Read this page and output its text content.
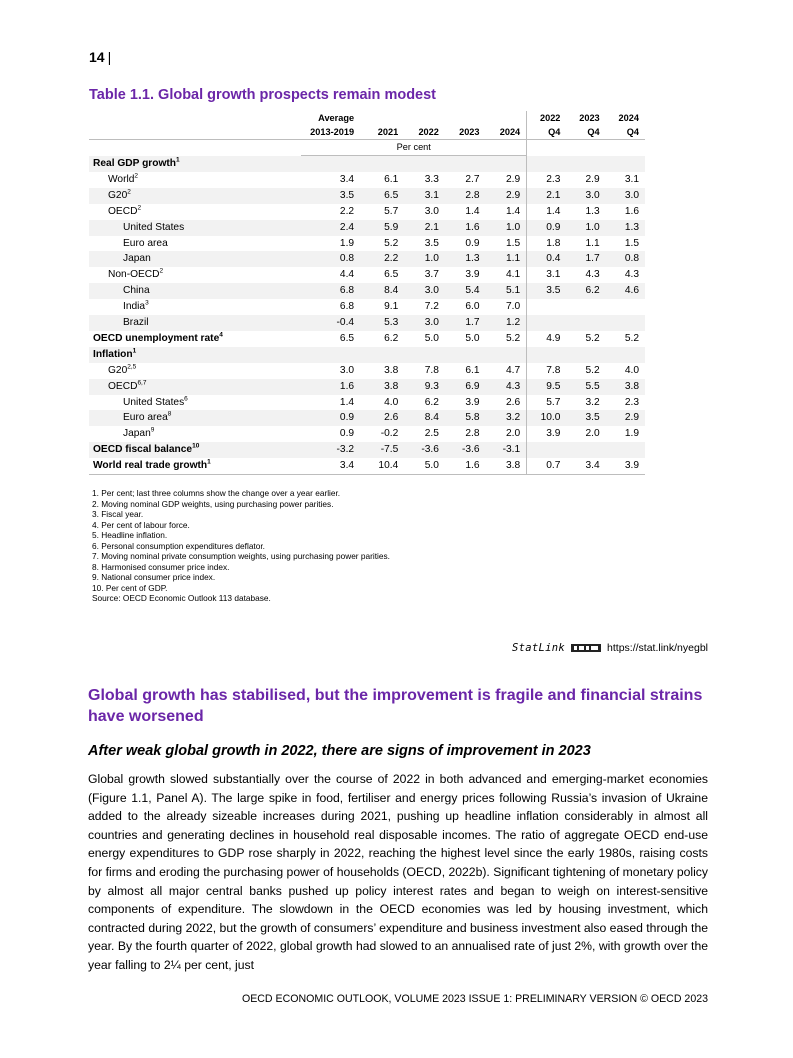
14 |
Table 1.1. Global growth prospects remain modest
	Average					2022	2023	2024
	2013-2019	2021	2022	2023	2024	Q4	Q4	Q4
	Per cent							
Real GDP growth$^1$								
World$^2$	3.4	6.1	3.3	2.7	2.9	2.3	2.9	3.1
$G20^2$	3.5	6.5	3.1	2.8	2.9	2.1	3.0	3.0
OECD$^2$	2.2	5.7	3.0	1.4	1.4	1.4	1.3	1.6
United States	2.4	5.9	2.1	1.6	1.0	0.9	1.0	1.3
Euro area	1.9	5.2	3.5	0.9	1.5	1.8	1.1	1.5
Japan	0.8	2.2	1.0	1.3	1.1	0.4	1.7	0.8
Non-OECD$^2$	4.4	6.5	3.7	3.9	4.1	3.1	4.3	4.3
China	6.8	8.4	3.0	5.4	5.1	3.5	6.2	4.6
India$^3$	6.8	9.1	7.2	6.0	7.0			
Brazil	-0.4	5.3	3.0	1.7	1.2			
OECD unemployment rate$^4$	6.5	6.2	5.0	5.0	5.2	4.9	5.2	5.2
Inflation$^1$								
G20$^{2,5}$	3.0	3.8	7.8	6.1	4.7	7.8	5.2	4.0
OECD$^{6,7}$	1.6	3.8	9.3	6.9	4.3	9.5	5.5	3.8
United States$^6$	1.4	4.0	6.2	3.9	2.6	5.7	3.2	2.3
Euro area$^8$	0.9	2.6	8.4	5.8	3.2	10.0	3.5	2.9
Japan$^9$	0.9	-0.2	2.5	2.8	2.0	3.9	2.0	1.9
OECD fiscal balance$^{10}$	-3.2	-7.5	-3.6	-3.6	-3.1			
World real trade growth$^1$	3.4	10.4	5.0	1.6	3.8	0.7	3.4	3.9
1. Per cent; last three columns show the change over a year earlier.
2. Moving nominal GDP weights, using purchasing power parities.
3. Fiscal year.
4. Per cent of labour force.
5. Headline inflation.
6. Personal consumption expenditures deflator.
7. Moving nominal private consumption weights, using purchasing power parities.
8. Harmonised consumer price index.
9. National consumer price index.
10. Per cent of GDP.
Source: OECD Economic Outlook 113 database.
StatLink	https://stat.link/nyegbl
Global growth has stabilised, but the improvement is fragile and financial strains have worsened
After weak global growth in 2022, there are signs of improvement in 2023
Global growth slowed substantially over the course of 2022 in both advanced and emerging-market economies (Figure 1.1, Panel A). The large spike in food, fertiliser and energy prices following Russia’s invasion of Ukraine added to the already sizeable increases during 2021, pushing up headline inflation considerably in almost all countries and generating declines in household real disposable incomes. The ratio of aggregate OECD end-use energy expenditures to GDP rose sharply in 2022, reaching the highest level since the early 1980s, raising costs for firms and eroding the purchasing power of households (OECD, 2022b). Significant tightening of monetary policy by almost all major central banks pushed up policy interest rates and began to weigh on interest-sensitive components of expenditure. The slowdown in the OECD economies was led by housing investment, which contracted during 2022, but the growth of consumers’ expenditure and business investment also eased through the year. By the fourth quarter of 2022, global growth had slowed to an annualised rate of just 2%, with growth over the year falling to 2¼ per cent, just
OECD ECONOMIC OUTLOOK, VOLUME 2023 ISSUE 1: PRELIMINARY VERSION © OECD 2023
